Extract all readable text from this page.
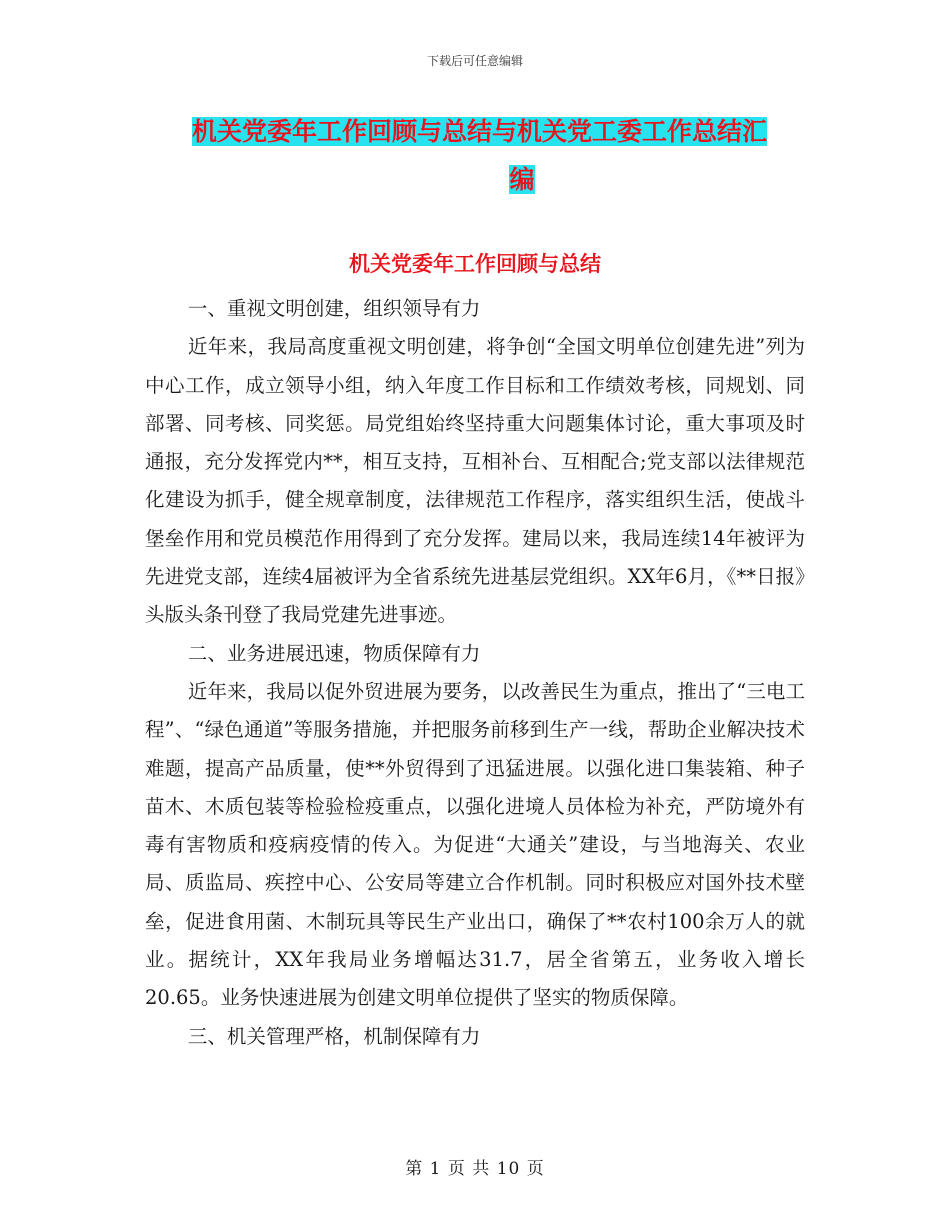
下载后可任意编辑
机关党委年工作回顾与总结与机关党工委工作总结汇

编
机关党委年工作回顾与总结

一、重视文明创建，组织领导有力

近年来，我局高度重视文明创建，将争创“全国文明单位创建先进”列为中心工作，成立领导小组，纳入年度工作目标和工作绩效考核，同规划、同部署、同考核、同奖惩。局党组始终坚持重大问题集体讨论，重大事项及时通报，充分发挥党内**，相互支持，互相补台、互相配合;党支部以法律规范化建设为抓手，健全规章制度，法律规范工作程序，落实组织生活，使战斗堡垒作用和党员模范作用得到了充分发挥。建局以来，我局连续14年被评为先进党支部，连续4届被评为全省系统先进基层党组织。XX年6月，《**日报》头版头条刊登了我局党建先进事迹。

二、业务进展迅速，物质保障有力

近年来，我局以促外贸进展为要务，以改善民生为重点，推出了“三电工程”、“绿色通道”等服务措施，并把服务前移到生产一线，帮助企业解决技术难题，提高产品质量，使**外贸得到了迅猛进展。以强化进口集装箱、种子苗木、木质包装等检验检疫重点，以强化进境人员体检为补充，严防境外有毒有害物质和疫病疫情的传入。为促进“大通关”建设，与当地海关、农业局、质监局、疾控中心、公安局等建立合作机制。同时积极应对国外技术壁垒，促进食用菌、木制玩具等民生产业出口，确保了**农村100余万人的就业。据统计，XX年我局业务增幅达31.7，居全省第五，业务收入增长20.65。业务快速进展为创建文明单位提供了坚实的物质保障。

三、机关管理严格，机制保障有力

第 1 页 共 10 页
